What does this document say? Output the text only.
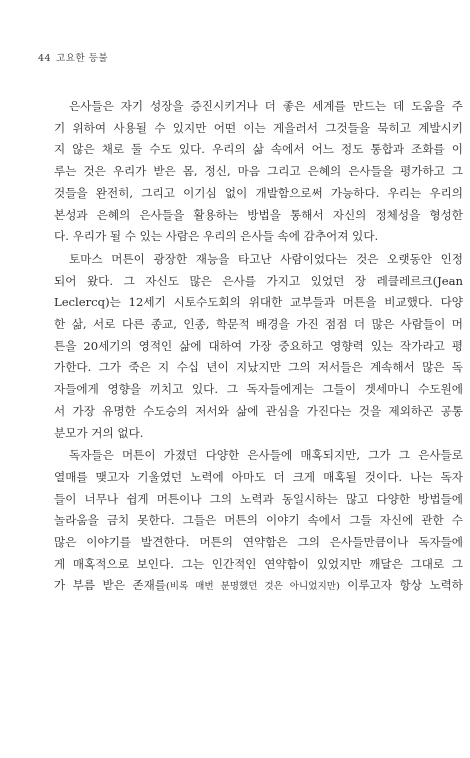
44 고요한 등불

은사들은 자기 성장을 증진시키거나 더 좋은 세계를 만드는 데 도움을 주
기 위하여 사용될 수 있지만 어떤 이는 게을러서 그것들을 묵히고 계발시키
지 않은 채로 둘 수도 있다. 우리의 삶 속에서 어느 정도 통합과 조화를 이
루는 것은 우리가 받은 몸, 정신, 마음 그리고 은혜의 은사들을 평가하고 그
것들을 완전히, 그리고 이기심 없이 개발함으로써 가능하다. 우리는 우리의
본성과 은혜의 은사들을 활용하는 방법을 통해서 자신의 정체성을 형성한
다. 우리가 될 수 있는 사람은 우리의 은사들 속에 감추어져 있다.

토마스 머튼이 광장한 재능을 타고난 사람이었다는 것은 오랫동안 인정
되어 왔다. 그 자신도 많은 은사를 가지고 있었던 장 레클레르크(Jean
Leclercq)는 12세기 시토수도회의 위대한 교부들과 머튼을 비교했다. 다양
한 삶, 서로 다른 종교, 인종, 학문적 배경을 가진 점점 더 많은 사람들이 머
튼을 20세기의 영적인 삶에 대하여 가장 중요하고 영향력 있는 작가라고 평
가한다. 그가 죽은 지 수십 년이 지났지만 그의 저서들은 계속해서 많은 독
자들에게 영향을 끼치고 있다. 그 독자들에게는 그들이 겟세마니 수도원에
서 가장 유명한 수도승의 저서와 삶에 관심을 가진다는 것을 제외하곤 공통
분모가 거의 없다.

독자들은 머튼이 가졌던 다양한 은사들에 매혹되지만, 그가 그 은사들로
열매를 맺고자 기울였던 노력에 아마도 더 크게 매혹될 것이다. 나는 독자
들이 너무나 쉽게 머튼이나 그의 노력과 동일시하는 많고 다양한 방법들에
놀라움을 금치 못한다. 그들은 머튼의 이야기 속에서 그들 자신에 관한 수
많은 이야기를 발견한다. 머튼의 연약함은 그의 은사들만큼이나 독자들에
게 매혹적으로 보인다. 그는 인간적인 연약함이 있었지만 깨달은 그대로 그
가 부름 받은 존재를(비록 매번 분명했던 것은 아니었지만) 이루고자 항상 노력하
